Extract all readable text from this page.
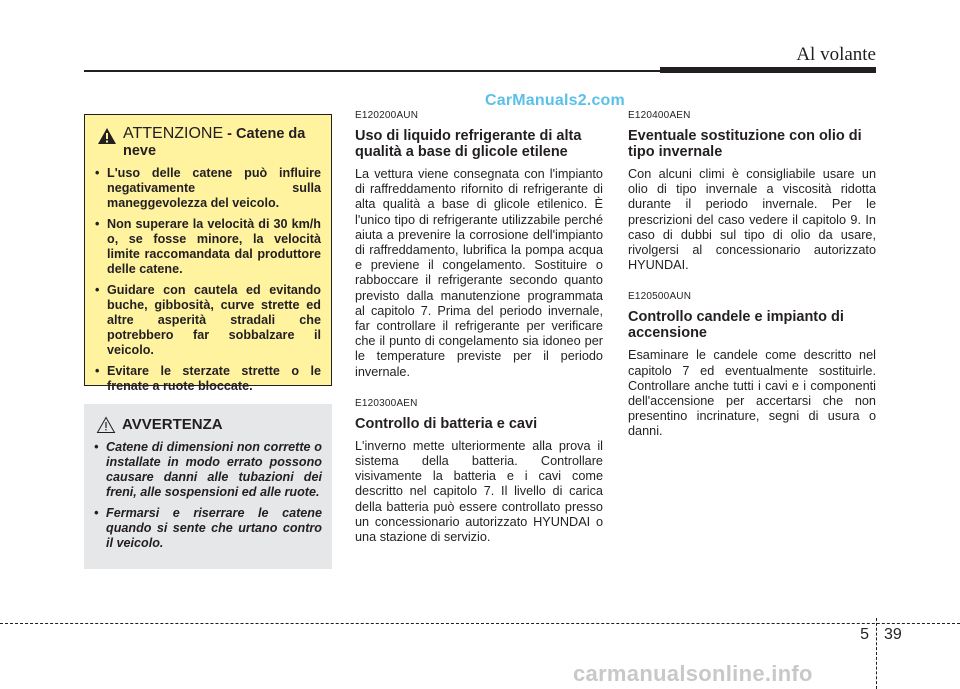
Al volante
CarManuals2.com
ATTENZIONE - Catene da neve
• L'uso delle catene può influire negativamente sulla maneggevolezza del veicolo.
• Non superare la velocità di 30 km/h o, se fosse minore, la velocità limite raccomandata dal produttore delle catene.
• Guidare con cautela ed evitando buche, gibbosità, curve strette ed altre asperità stradali che potrebbero far sobbalzare il veicolo.
• Evitare le sterzate strette o le frenate a ruote bloccate.
AVVERTENZA
• Catene di dimensioni non corrette o installate in modo errato possono causare danni alle tubazioni dei freni, alle sospensioni ed alle ruote.
• Fermarsi e riserrare le catene quando si sente che urtano contro il veicolo.
E120200AUN
Uso di liquido refrigerante di alta qualità a base di glicole etilene
La vettura viene consegnata con l'impianto di raffreddamento rifornito di refrigerante di alta qualità a base di glicole etilenico. È l'unico tipo di refrigerante utilizzabile perché aiuta a prevenire la corrosione dell'impianto di raffreddamento, lubrifica la pompa acqua e previene il congelamento. Sostituire o rabboccare il refrigerante secondo quanto previsto dalla manutenzione programmata al capitolo 7. Prima del periodo invernale, far controllare il refrigerante per verificare che il punto di congelamento sia idoneo per le temperature previste per il periodo invernale.
E120300AEN
Controllo di batteria e cavi
L'inverno mette ulteriormente alla prova il sistema della batteria. Controllare visivamente la batteria e i cavi come descritto nel capitolo 7. Il livello di carica della batteria può essere controllato presso un concessionario autorizzato HYUNDAI o una stazione di servizio.
E120400AEN
Eventuale sostituzione con olio di tipo invernale
Con alcuni climi è consigliabile usare un olio di tipo invernale a viscosità ridotta durante il periodo invernale. Per le prescrizioni del caso vedere il capitolo 9. In caso di dubbi sul tipo di olio da usare, rivolgersi al concessionario autorizzato HYUNDAI.
E120500AUN
Controllo candele e impianto di accensione
Esaminare le candele come descritto nel capitolo 7 ed eventualmente sostituirle. Controllare anche tutti i cavi e i componenti dell'accensione per accertarsi che non presentino incrinature, segni di usura o danni.
5 39
carmanualsonline.info
